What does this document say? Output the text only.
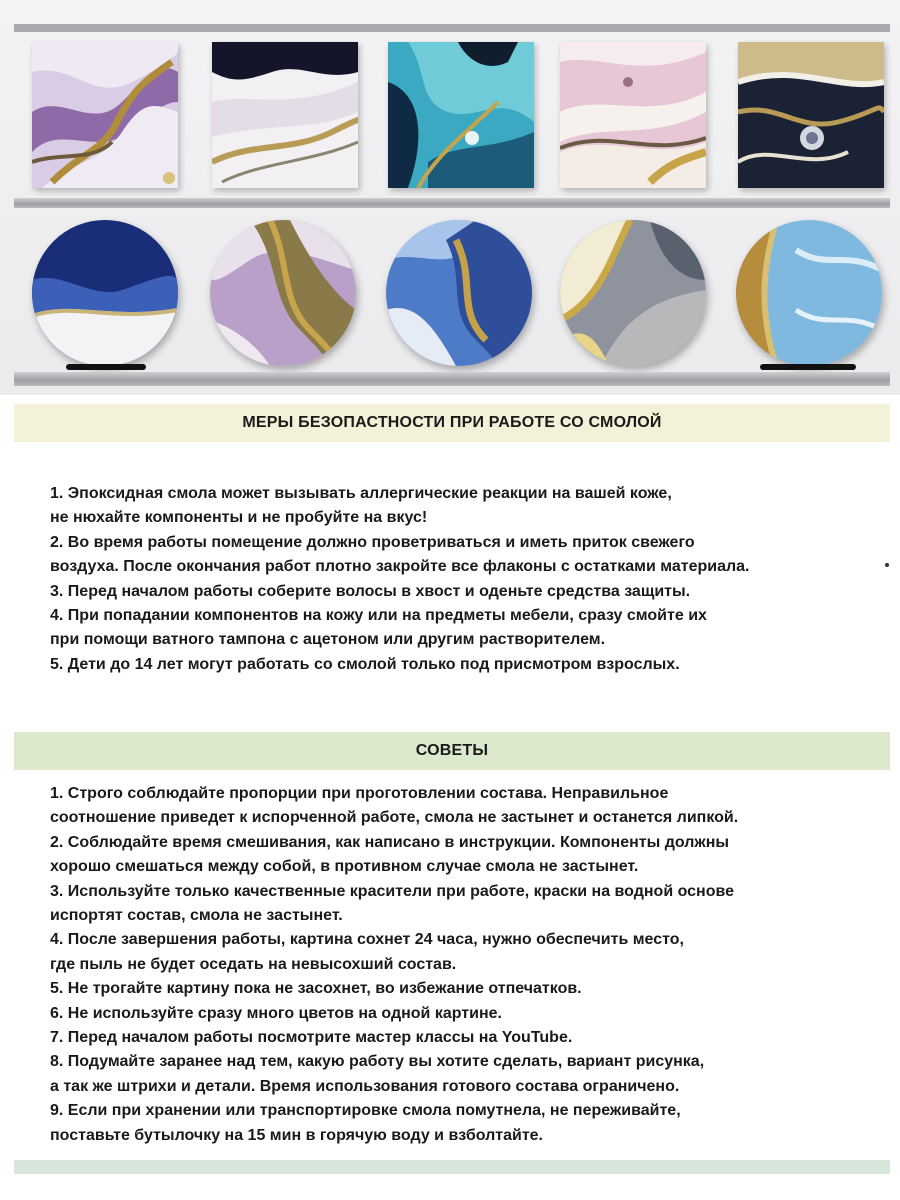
МЕРЫ БЕЗОПАСТНОСТИ ПРИ РАБОТЕ СО СМОЛОЙ
1. Эпоксидная смола может вызывать аллергические реакции на вашей коже,
не нюхайте компоненты и не пробуйте на вкус!
2. Во время работы помещение должно проветриваться и иметь приток свежего
воздуха. После окончания работ плотно закройте все флаконы с остатками материала.
3. Перед началом работы соберите волосы в хвост и оденьте средства защиты.
4. При попадании компонентов на кожу или на предметы мебели, сразу смойте их
при помощи ватного тампона с ацетоном или другим растворителем.
5. Дети до 14 лет могут работать со смолой только под присмотром взрослых.
СОВЕТЫ
1. Строго соблюдайте пропорции при проготовлении состава. Неправильное
соотношение приведет к испорченной работе, смола не застынет и останется липкой.
2. Соблюдайте время смешивания, как написано в инструкции. Компоненты должны
хорошо смешаться между собой, в противном случае смола не застынет.
3. Используйте только качественные красители при работе, краски на водной основе
испортят состав, смола не застынет.
4. После завершения работы, картина сохнет 24 часа, нужно обеспечить место,
где пыль не будет оседать на невысохший состав.
5. Не трогайте картину пока не засохнет, во избежание отпечатков.
6. Не используйте сразу много цветов на одной картине.
7. Перед началом работы посмотрите мастер классы на YouTube.
8. Подумайте заранее над тем, какую работу вы хотите сделать, вариант рисунка,
а так же штрихи и детали. Время использования готового состава ограничено.
9. Если при хранении или транспортировке смола помутнела, не переживайте,
поставьте бутылочку на 15 мин в горячую воду и взболтайте.
